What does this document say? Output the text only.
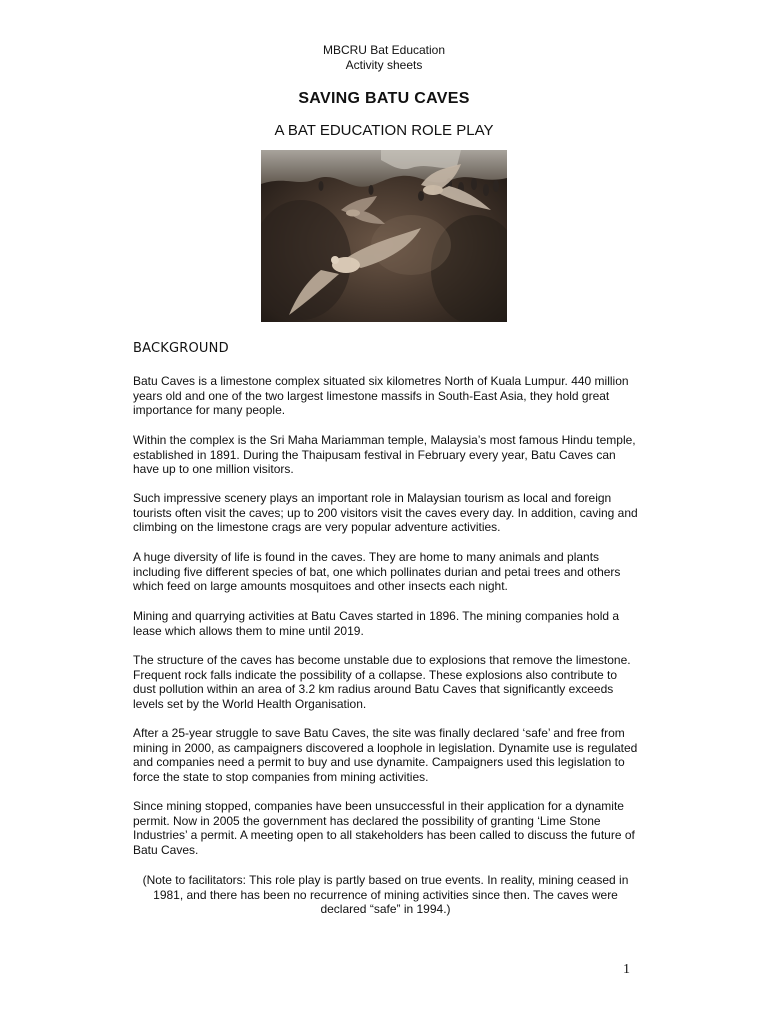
MBCRU Bat Education
Activity sheets
SAVING BATU CAVES
A BAT EDUCATION ROLE PLAY
BACKGROUND

Batu Caves is a limestone complex situated six kilometres North of Kuala Lumpur. 440 million years old and one of the two largest limestone massifs in South-East Asia, they hold great importance for many people.

Within the complex is the Sri Maha Mariamman temple, Malaysia’s most famous Hindu temple, established in 1891. During the Thaipusam festival in February every year, Batu Caves can have up to one million visitors.

Such impressive scenery plays an important role in Malaysian tourism as local and foreign tourists often visit the caves; up to 200 visitors visit the caves every day. In addition, caving and climbing on the limestone crags are very popular adventure activities.

A huge diversity of life is found in the caves. They are home to many animals and plants including five different species of bat, one which pollinates durian and petai trees and others which feed on large amounts mosquitoes and other insects each night.

Mining and quarrying activities at Batu Caves started in 1896. The mining companies hold a lease which allows them to mine until 2019.

The structure of the caves has become unstable due to explosions that remove the limestone. Frequent rock falls indicate the possibility of a collapse. These explosions also contribute to dust pollution within an area of 3.2 km radius around Batu Caves that significantly exceeds levels set by the World Health Organisation.

After a 25-year struggle to save Batu Caves, the site was finally declared ‘safe’ and free from mining in 2000, as campaigners discovered a loophole in legislation. Dynamite use is regulated and companies need a permit to buy and use dynamite. Campaigners used this legislation to force the state to stop companies from mining activities.

Since mining stopped, companies have been unsuccessful in their application for a dynamite permit. Now in 2005 the government has declared the possibility of granting ‘Lime Stone Industries’ a permit. A meeting open to all stakeholders has been called to discuss the future of Batu Caves.

(Note to facilitators: This role play is partly based on true events. In reality, mining ceased in 1981, and there has been no recurrence of mining activities since then. The caves were declared “safe” in 1994.)

1
